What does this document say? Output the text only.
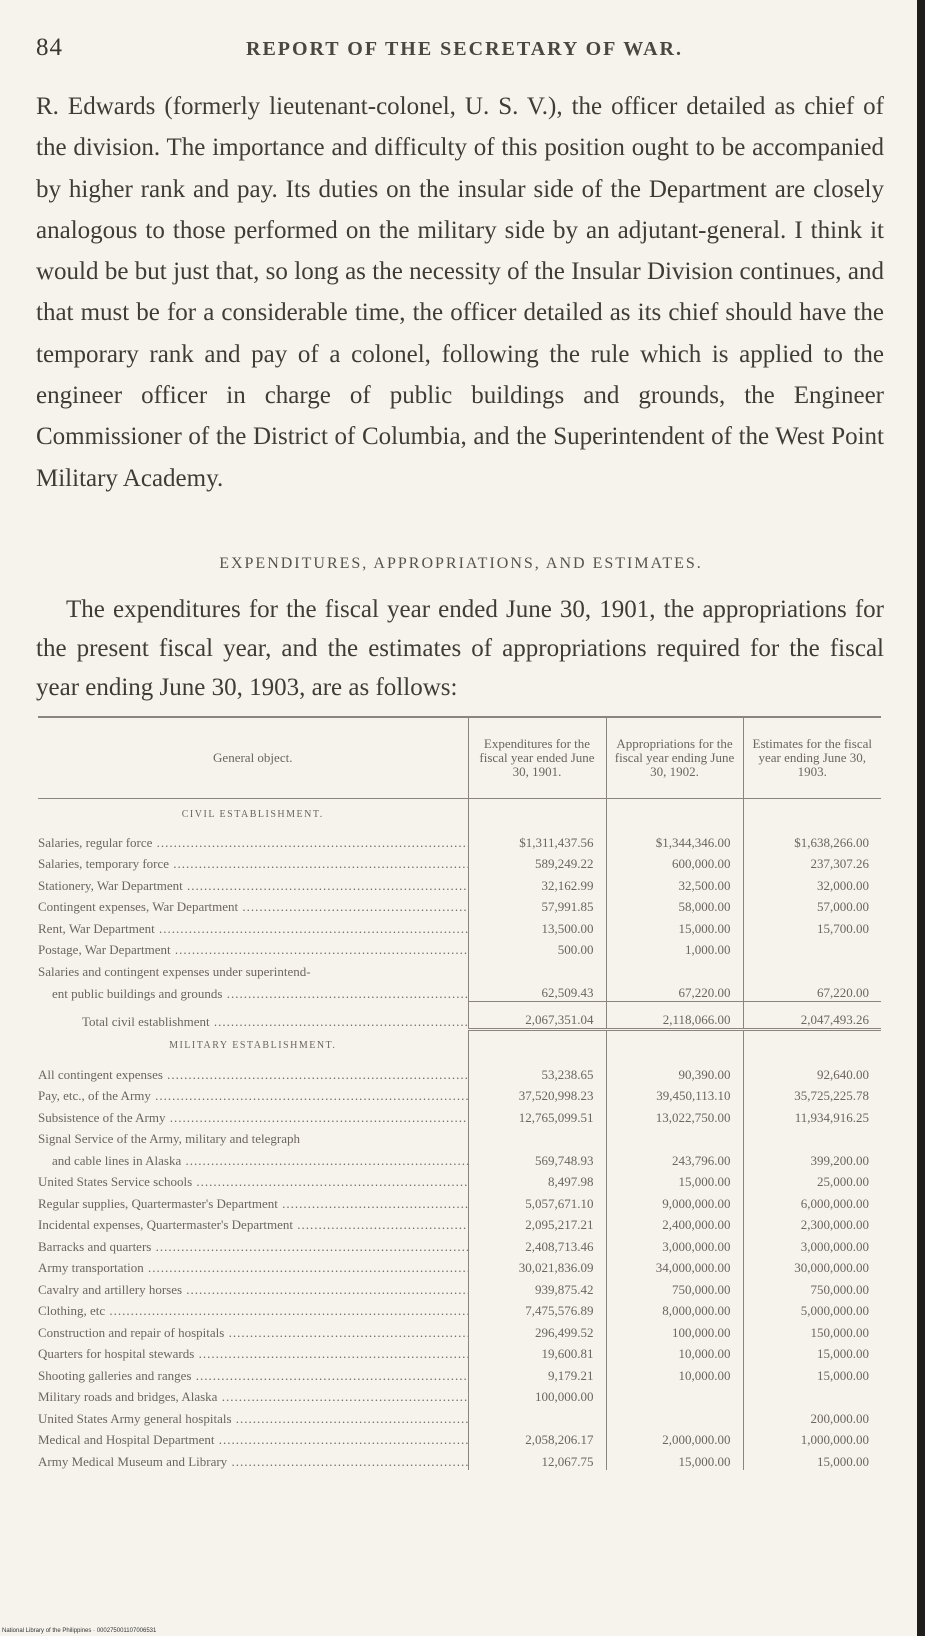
84	REPORT OF THE SECRETARY OF WAR.
R. Edwards (formerly lieutenant-colonel, U. S. V.), the officer detailed as chief of the division. The importance and difficulty of this position ought to be accompanied by higher rank and pay. Its duties on the insular side of the Department are closely analogous to those performed on the military side by an adjutant-general. I think it would be but just that, so long as the necessity of the Insular Division continues, and that must be for a considerable time, the officer detailed as its chief should have the temporary rank and pay of a colonel, following the rule which is applied to the engineer officer in charge of public buildings and grounds, the Engineer Commissioner of the District of Columbia, and the Superintendent of the West Point Military Academy.
EXPENDITURES, APPROPRIATIONS, AND ESTIMATES.
The expenditures for the fiscal year ended June 30, 1901, the appropriations for the present fiscal year, and the estimates of appropriations required for the fiscal year ending June 30, 1903, are as follows:
General object.	Expenditures for the fiscal year ended June 30, 1901.	Appropriations for the fiscal year ending June 30, 1902.	Estimates for the fiscal year ending June 30, 1903.
CIVIL ESTABLISHMENT.			
Salaries, regular force .....	$1,311,437.56	$1,344,346.00	$1,638,266.00
Salaries, temporary force .....	589,249.22	600,000.00	237,307.26
Stationery, War Department .....	32,162.99	32,500.00	32,000.00
Contingent expenses, War Department .....	57,991.85	58,000.00	57,000.00
Rent, War Department .....	13,500.00	15,000.00	15,700.00
Postage, War Department .....	500.00	1,000.00	
Salaries and contingent expenses under superintend-			
ent public buildings and grounds .....	62,509.43	67,220.00	67,220.00
Total civil establishment .....	2,067,351.04	2,118,066.00	2,047,493.26
MILITARY ESTABLISHMENT.			
All contingent expenses .....	53,238.65	90,390.00	92,640.00
Pay, etc., of the Army .....	37,520,998.23	39,450,113.10	35,725,225.78
Subsistence of the Army .....	12,765,099.51	13,022,750.00	11,934,916.25
Signal Service of the Army, military and telegraph			
and cable lines in Alaska .....	569,748.93	243,796.00	399,200.00
United States Service schools .....	8,497.98	15,000.00	25,000.00
Regular supplies, Quartermaster's Department .....	5,057,671.10	9,000,000.00	6,000,000.00
Incidental expenses, Quartermaster's Department .....	2,095,217.21	2,400,000.00	2,300,000.00
Barracks and quarters .....	2,408,713.46	3,000,000.00	3,000,000.00
Army transportation .....	30,021,836.09	34,000,000.00	30,000,000.00
Cavalry and artillery horses .....	939,875.42	750,000.00	750,000.00
Clothing, etc .....	7,475,576.89	8,000,000.00	5,000,000.00
Construction and repair of hospitals .....	296,499.52	100,000.00	150,000.00
Quarters for hospital stewards .....	19,600.81	10,000.00	15,000.00
Shooting galleries and ranges .....	9,179.21	10,000.00	15,000.00
Military roads and bridges, Alaska .....	100,000.00		
United States Army general hospitals .....			200,000.00
Medical and Hospital Department .....	2,058,206.17	2,000,000.00	1,000,000.00
Army Medical Museum and Library .....	12,067.75	15,000.00	15,000.00
National Library of the Philippines · 000275001107006531
